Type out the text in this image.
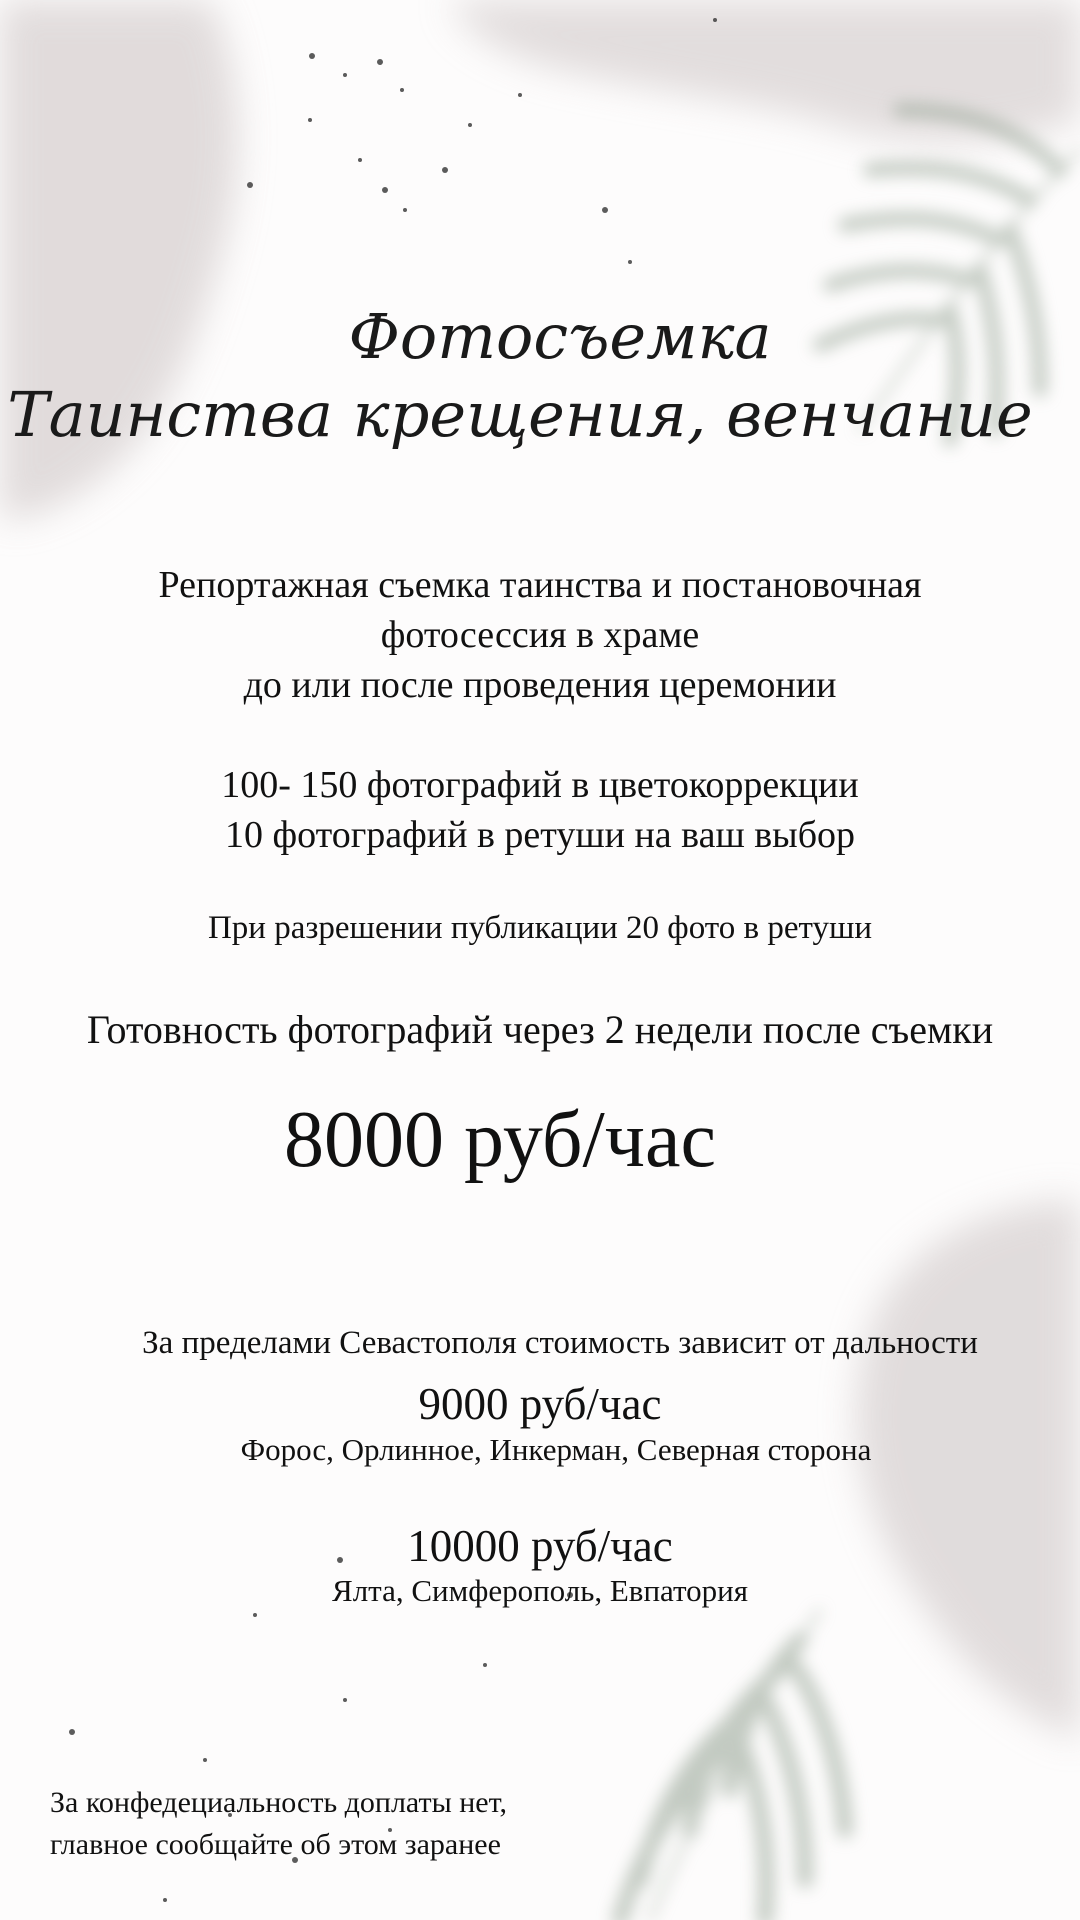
Фотосъемка
Таинства крещения, венчание
Репортажная съемка таинства и постановочная
фотосессия в храме
до или после проведения церемонии
100- 150 фотографий в цветокоррекции
10 фотографий в ретуши на ваш выбор
При разрешении публикации 20 фото в ретуши
Готовность фотографий через 2 недели после съемки
8000 руб/час
За пределами Севастополя стоимость зависит от дальности
9000 руб/час
Форос, Орлинное, Инкерман, Северная сторона
10000 руб/час
Ялта, Симферополь, Евпатория
За конфедециальность доплаты нет,
главное сообщайте об этом заранее
